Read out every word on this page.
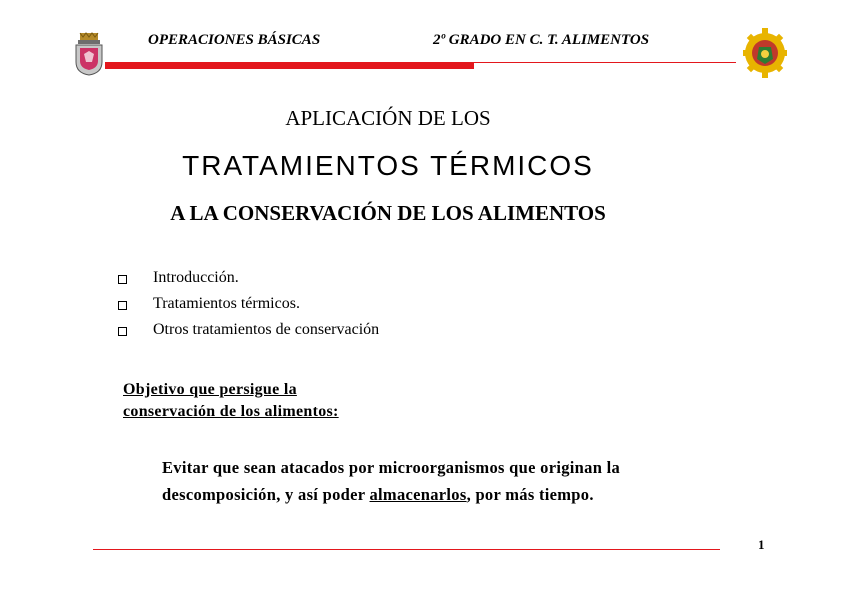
OPERACIONES BÁSICAS	2º GRADO EN C. T. ALIMENTOS
APLICACIÓN DE LOS
TRATAMIENTOS TÉRMICOS
A LA CONSERVACIÓN DE LOS ALIMENTOS
Introducción.
Tratamientos térmicos.
Otros tratamientos de conservación
Objetivo que persigue la
conservación de los alimentos:
Evitar que sean atacados por microorganismos que originan la descomposición, y así poder almacenarlos, por más tiempo.
1
